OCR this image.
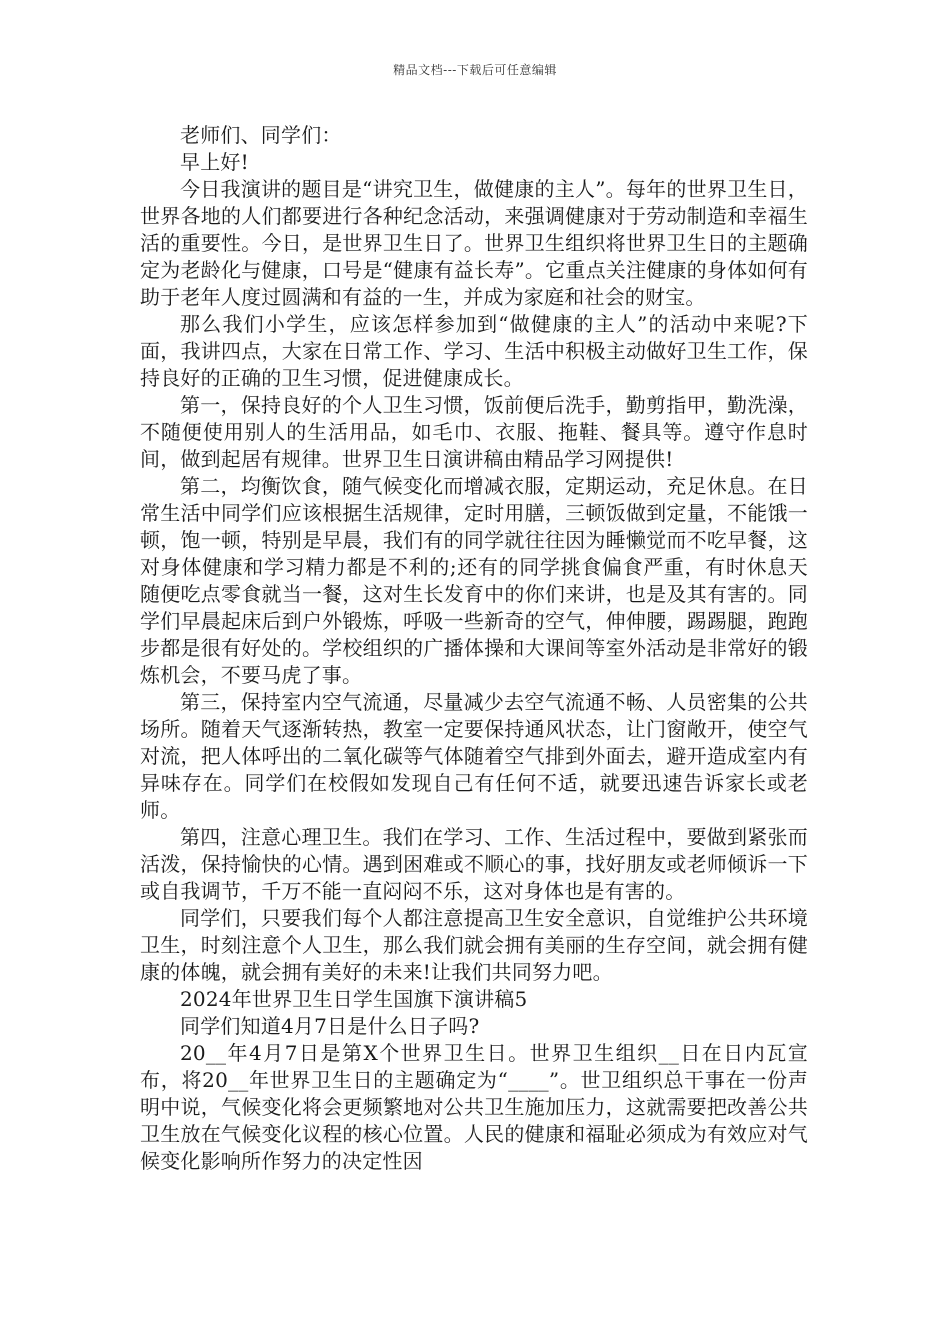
精品文档---下载后可任意编辑

老师们、同学们：

早上好!

今日我演讲的题目是“讲究卫生，做健康的主人”。每年的世界卫生日，世界各地的人们都要进行各种纪念活动，来强调健康对于劳动制造和幸福生活的重要性。今日，是世界卫生日了。世界卫生组织将世界卫生日的主题确定为老龄化与健康，口号是“健康有益长寿”。它重点关注健康的身体如何有助于老年人度过圆满和有益的一生，并成为家庭和社会的财宝。

那么我们小学生，应该怎样参加到“做健康的主人”的活动中来呢?下面，我讲四点，大家在日常工作、学习、生活中积极主动做好卫生工作，保持良好的正确的卫生习惯，促进健康成长。

第一，保持良好的个人卫生习惯，饭前便后洗手，勤剪指甲，勤洗澡，不随便使用别人的生活用品，如毛巾、衣服、拖鞋、餐具等。遵守作息时间，做到起居有规律。世界卫生日演讲稿由精品学习网提供!

第二，均衡饮食，随气候变化而增减衣服，定期运动，充足休息。在日常生活中同学们应该根据生活规律，定时用膳，三顿饭做到定量，不能饿一顿，饱一顿，特别是早晨，我们有的同学就往往因为睡懒觉而不吃早餐，这对身体健康和学习精力都是不利的;还有的同学挑食偏食严重，有时休息天随便吃点零食就当一餐，这对生长发育中的你们来讲，也是及其有害的。同学们早晨起床后到户外锻炼，呼吸一些新奇的空气，伸伸腰，踢踢腿，跑跑步都是很有好处的。学校组织的广播体操和大课间等室外活动是非常好的锻炼机会，不要马虎了事。

第三，保持室内空气流通，尽量减少去空气流通不畅、人员密集的公共场所。随着天气逐渐转热，教室一定要保持通风状态，让门窗敞开，使空气对流，把人体呼出的二氧化碳等气体随着空气排到外面去，避开造成室内有异味存在。同学们在校假如发现自己有任何不适，就要迅速告诉家长或老师。

第四，注意心理卫生。我们在学习、工作、生活过程中，要做到紧张而活泼，保持愉快的心情。遇到困难或不顺心的事，找好朋友或老师倾诉一下或自我调节，千万不能一直闷闷不乐，这对身体也是有害的。

同学们，只要我们每个人都注意提高卫生安全意识，自觉维护公共环境卫生，时刻注意个人卫生，那么我们就会拥有美丽的生存空间，就会拥有健康的体魄，就会拥有美好的未来!让我们共同努力吧。

2024年世界卫生日学生国旗下演讲稿5

同学们知道4月7日是什么日子吗?

20__年4月7日是第X个世界卫生日。世界卫生组织__日在日内瓦宣布，将20__年世界卫生日的主题确定为“____”。世卫组织总干事在一份声明中说，气候变化将会更频繁地对公共卫生施加压力，这就需要把改善公共卫生放在气候变化议程的核心位置。人民的健康和福耻必须成为有效应对气候变化影响所作努力的决定性因
